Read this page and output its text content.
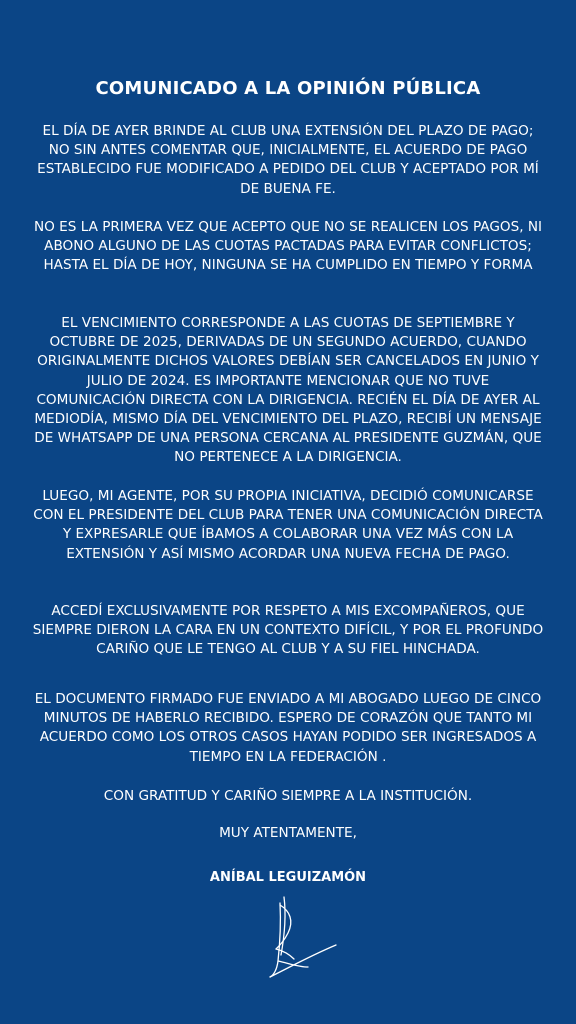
COMUNICADO A LA OPINIÓN PÚBLICA
EL DÍA DE AYER BRINDE AL CLUB UNA EXTENSIÓN DEL PLAZO DE PAGO; NO SIN ANTES COMENTAR QUE, INICIALMENTE, EL ACUERDO DE PAGO ESTABLECIDO FUE MODIFICADO A PEDIDO DEL CLUB Y ACEPTADO POR MÍ DE BUENA FE.
NO ES LA PRIMERA VEZ QUE ACEPTO QUE NO SE REALICEN LOS PAGOS, NI ABONO ALGUNO DE LAS CUOTAS PACTADAS PARA EVITAR CONFLICTOS; HASTA EL DÍA DE HOY, NINGUNA SE HA CUMPLIDO EN TIEMPO Y FORMA
EL VENCIMIENTO CORRESPONDE A LAS CUOTAS DE SEPTIEMBRE Y OCTUBRE DE 2025, DERIVADAS DE UN SEGUNDO ACUERDO, CUANDO ORIGINALMENTE DICHOS VALORES DEBÍAN SER CANCELADOS EN JUNIO Y JULIO DE 2024. ES IMPORTANTE MENCIONAR QUE NO TUVE COMUNICACIÓN DIRECTA CON LA DIRIGENCIA. RECIÉN EL DÍA DE AYER AL MEDIODÍA, MISMO DÍA DEL VENCIMIENTO DEL PLAZO, RECIBÍ UN MENSAJE DE WHATSAPP DE UNA PERSONA CERCANA AL PRESIDENTE GUZMÁN, QUE NO PERTENECE A LA DIRIGENCIA.
LUEGO, MI AGENTE, POR SU PROPIA INICIATIVA, DECIDIÓ COMUNICARSE CON EL PRESIDENTE DEL CLUB PARA TENER UNA COMUNICACIÓN DIRECTA Y EXPRESARLE QUE ÍBAMOS A COLABORAR UNA VEZ MÁS CON LA EXTENSIÓN Y ASÍ MISMO ACORDAR UNA NUEVA FECHA DE PAGO.
ACCEDÍ EXCLUSIVAMENTE POR RESPETO A MIS EXCOMPAÑEROS, QUE SIEMPRE DIERON LA CARA EN UN CONTEXTO DIFÍCIL, Y POR EL PROFUNDO CARIÑO QUE LE TENGO AL CLUB Y A SU FIEL HINCHADA.
EL DOCUMENTO FIRMADO FUE ENVIADO A MI ABOGADO LUEGO DE CINCO MINUTOS DE HABERLO RECIBIDO. ESPERO DE CORAZÓN QUE TANTO MI ACUERDO COMO LOS OTROS CASOS HAYAN PODIDO SER INGRESADOS A TIEMPO EN LA FEDERACIÓN .
CON GRATITUD Y CARIÑO SIEMPRE A LA INSTITUCIÓN.
MUY ATENTAMENTE,
ANÍBAL LEGUIZAMÓN
